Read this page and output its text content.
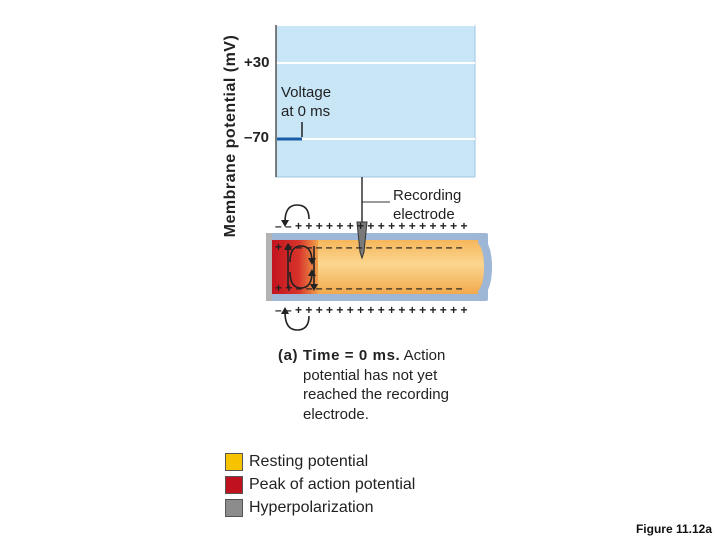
– – + + + + + + + + + + + + + + + + +
+ + – – – – – – – – – – – – – – – – –
+ + – – – – – – – – – – – – – – – – –
– – + + + + + + + + + + + + + + + + +
Membrane potential (mV) +30
–70
Voltage
at 0 ms
Recording
electrode
(a) Time = 0 ms. Action
potential has not yet reached the recording electrode.
Resting potential
Peak of action potential
Hyperpolarization
Figure 11.12a
